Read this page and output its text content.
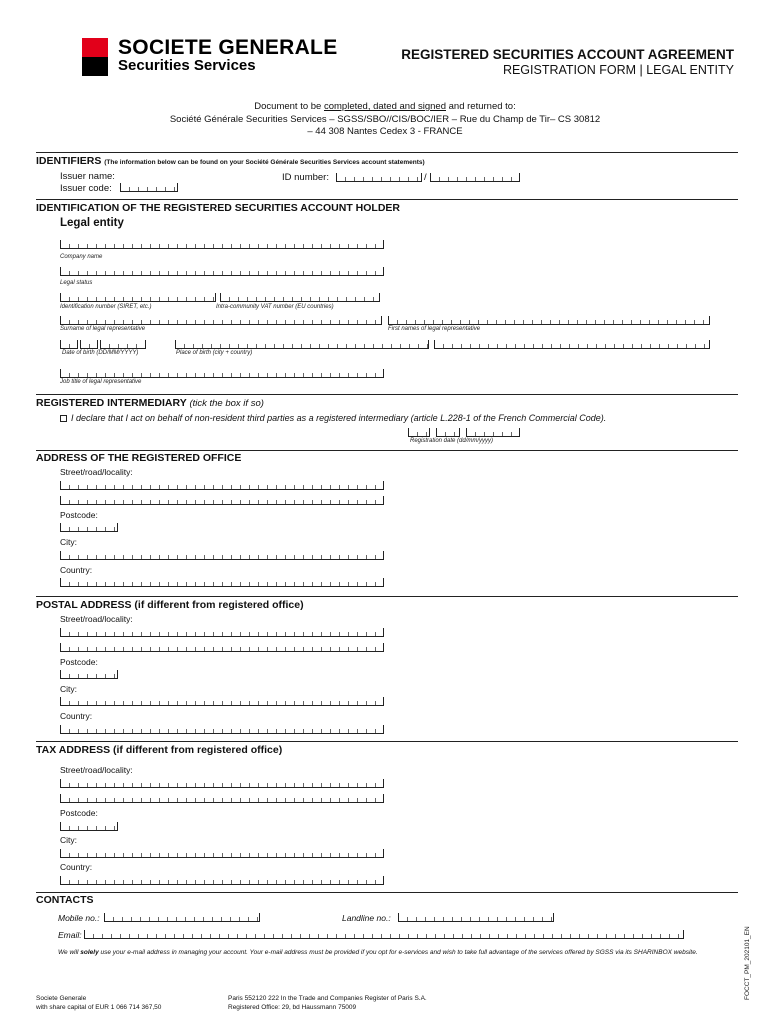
SOCIETE GENERALE
Securities Services
REGISTERED SECURITIES ACCOUNT AGREEMENT
REGISTRATION FORM | LEGAL ENTITY
Document to be completed, dated and signed and returned to:
Société Générale Securities Services – SGSS/SBO//CIS/BOC/IER – Rue du Champ de Tir– CS 30812
– 44 308 Nantes Cedex 3 - FRANCE
IDENTIFIERS (The information below can be found on your Société Générale Securities Services account statements)
Issuer name:
Issuer code:
ID number:	/
IDENTIFICATION OF THE REGISTERED SECURITIES ACCOUNT HOLDER
Legal entity
Company name
Legal status
Identification number (SIRET, etc.)	Intra-community VAT number (EU countries)
Surname of legal representative	First names of legal representative
Date of birth (DD/MM/YYYY)	Place of birth (city + country)
Job title of legal representative
REGISTERED INTERMEDIARY (tick the box if so)
I declare that I act on behalf of non-resident third parties as a registered intermediary (article L.228-1 of the French Commercial Code).
Registration date (dd/mm/yyyy)
ADDRESS OF THE REGISTERED OFFICE
Street/road/locality:
Postcode:
City:
Country:
POSTAL ADDRESS (if different from registered office)
Street/road/locality:
Postcode:
City:
Country:
TAX ADDRESS (if different from registered office)
Street/road/locality:
Postcode:
City:
Country:
CONTACTS
Mobile no.:	Landline no.:
Email:
We will solely use your e-mail address in managing your account. Your e-mail address must be provided if you opt for e-services and wish to take full advantage of the services offered by SGSS via its SHARINBOX website.
Societe Generale
with share capital of EUR 1 066 714 367,50
Paris 552120 222 In the Trade and Companies Register of Paris S.A.
Registered Office: 29, bd Haussmann 75009
FOCCT_PM_202101_EN
